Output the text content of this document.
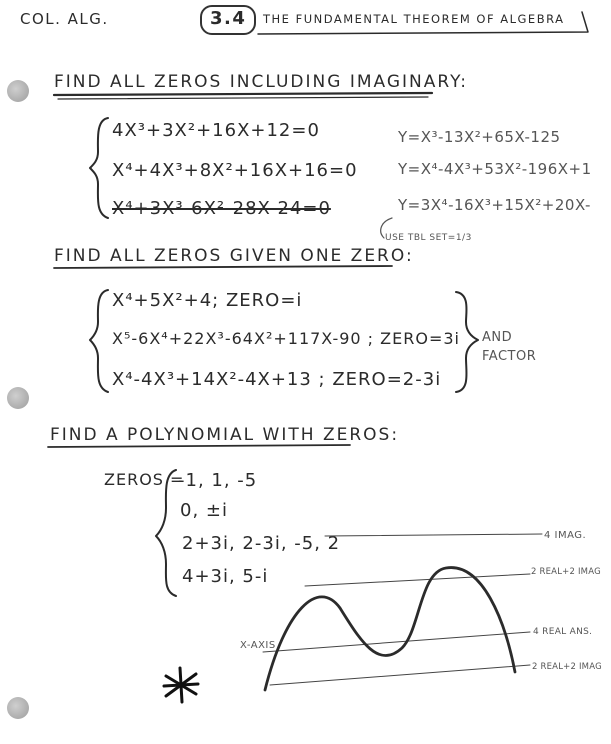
COL. ALG.	3.4 THE FUNDAMENTAL THEOREM OF ALGEBRA
FIND ALL ZEROS INCLUDING IMAGINARY:
4X³+3X²+16X+12=0
X⁴+4X³+8X²+16X+16=0
X⁴+3X³-6X²-28X-24=0
Y=X³-13X²+65X-125
Y=X⁴-4X³+53X²-196X+1
Y=3X⁴-16X³+15X²+20X-
USE TBL SET=1/3
FIND ALL ZEROS GIVEN ONE ZERO:
X⁴+5X²+4; ZERO=i
X⁵-6X⁴+22X³-64X²+117X-90 ; ZERO=3i
X⁴-4X³+14X²-4X+13 ; ZERO=2-3i
AND
FACTOR
FIND A POLYNOMIAL WITH ZEROS:
ZEROS =
-1, 1, -5
0, ±i
2+3i, 2-3i, -5, 2
4+3i, 5-i
X-AXIS
4 IMAG.
2 REAL+2 IMAG
4 REAL ANS.
2 REAL+2 IMAG
